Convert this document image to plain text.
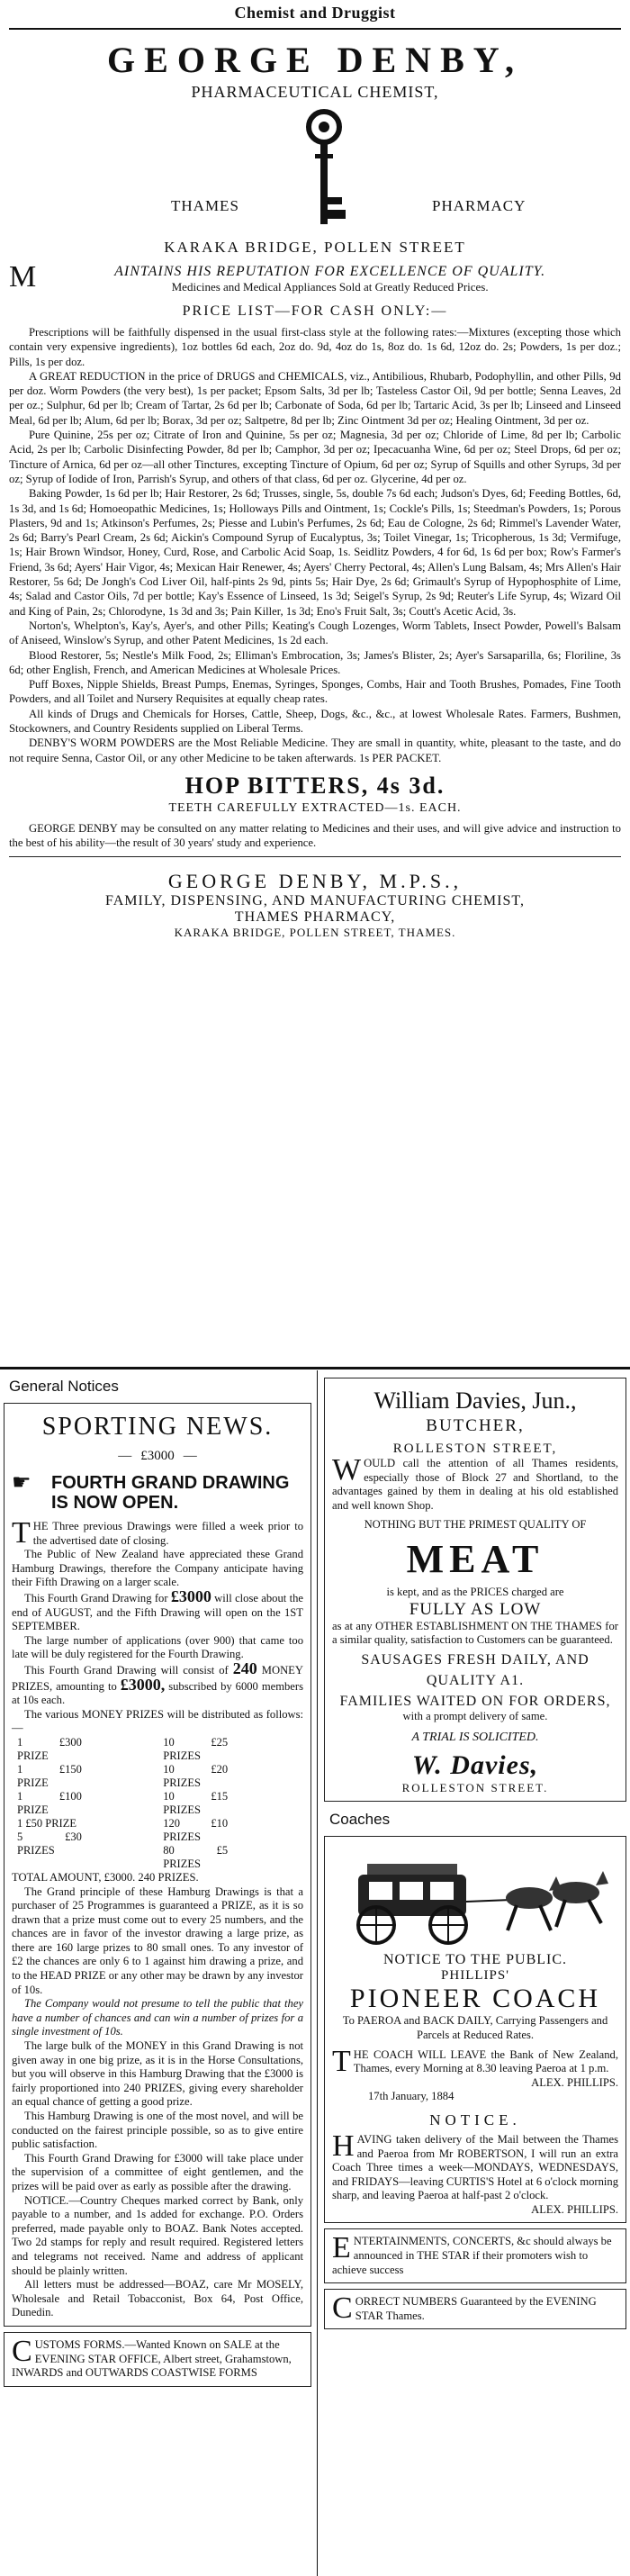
Chemist and Druggist
GEORGE DENBY,
PHARMACEUTICAL CHEMIST,
THAMES	PHARMACY
KARAKA BRIDGE, POLLEN STREET
M	AINTAINS HIS REPUTATION FOR EXCELLENCE OF QUALITY.
Medicines and Medical Appliances Sold at Greatly Reduced Prices.
PRICE LIST—FOR CASH ONLY:—

Prescriptions will be faithfully dispensed in the usual first-class style at the following rates:—Mixtures (excepting those which contain very expensive ingredients), 1oz bottles 6d each, 2oz do. 9d, 4oz do 1s, 8oz do. 1s 6d, 12oz do. 2s; Powders, 1s per doz.; Pills, 1s per doz.

A GREAT REDUCTION in the price of DRUGS and CHEMICALS, viz., Antibilious, Rhubarb, Podophyllin, and other Pills, 9d per doz. Worm Powders (the very best), 1s per packet; Epsom Salts, 3d per lb; Tasteless Castor Oil, 9d per bottle; Senna Leaves, 2d per oz.; Sulphur, 6d per lb; Cream of Tartar, 2s 6d per lb; Carbonate of Soda, 6d per lb; Tartaric Acid, 3s per lb; Linseed and Linseed Meal, 6d per lb; Alum, 6d per lb; Borax, 3d per oz; Saltpetre, 8d per lb; Zinc Ointment 3d per oz; Healing Ointment, 3d per oz.

Pure Quinine, 25s per oz; Citrate of Iron and Quinine, 5s per oz; Magnesia, 3d per oz; Chloride of Lime, 8d per lb; Carbolic Acid, 2s per lb; Carbolic Disinfecting Powder, 8d per lb; Camphor, 3d per oz; Ipecacuanha Wine, 6d per oz; Steel Drops, 6d per oz; Tincture of Arnica, 6d per oz—all other Tinctures, excepting Tincture of Opium, 6d per oz; Syrup of Squills and other Syrups, 3d per oz; Syrup of Iodide of Iron, Parrish's Syrup, and others of that class, 6d per oz. Glycerine, 4d per oz.

Baking Powder, 1s 6d per lb; Hair Restorer, 2s 6d; Trusses, single, 5s, double 7s 6d each; Judson's Dyes, 6d; Feeding Bottles, 6d, 1s 3d, and 1s 6d; Homoeopathic Medicines, 1s; Holloways Pills and Ointment, 1s; Cockle's Pills, 1s; Steedman's Powders, 1s; Porous Plasters, 9d and 1s; Atkinson's Perfumes, 2s; Piesse and Lubin's Perfumes, 2s 6d; Eau de Cologne, 2s 6d; Rimmel's Lavender Water, 2s 6d; Barry's Pearl Cream, 2s 6d; Aickin's Compound Syrup of Eucalyptus, 3s; Toilet Vinegar, 1s; Tricopherous, 1s 3d; Vermifuge, 1s; Hair Brown Windsor, Honey, Curd, Rose, and Carbolic Acid Soap, 1s. Seidlitz Powders, 4 for 6d, 1s 6d per box; Row's Farmer's Friend, 3s 6d; Ayers' Hair Vigor, 4s; Mexican Hair Renewer, 4s; Ayers' Cherry Pectoral, 4s; Allen's Lung Balsam, 4s; Mrs Allen's Hair Restorer, 5s 6d; De Jongh's Cod Liver Oil, half-pints 2s 9d, pints 5s; Hair Dye, 2s 6d; Grimault's Syrup of Hypophosphite of Lime, 4s; Salad and Castor Oils, 7d per bottle; Kay's Essence of Linseed, 1s 3d; Seigel's Syrup, 2s 9d; Reuter's Life Syrup, 4s; Wizard Oil and King of Pain, 2s; Chlorodyne, 1s 3d and 3s; Pain Killer, 1s 3d; Eno's Fruit Salt, 3s; Coutt's Acetic Acid, 3s.

Norton's, Whelpton's, Kay's, Ayer's, and other Pills; Keating's Cough Lozenges, Worm Tablets, Insect Powder, Powell's Balsam of Aniseed, Winslow's Syrup, and other Patent Medicines, 1s 2d each.

Blood Restorer, 5s; Nestle's Milk Food, 2s; Elliman's Embrocation, 3s; James's Blister, 2s; Ayer's Sarsaparilla, 6s; Floriline, 3s 6d; other English, French, and American Medicines at Wholesale Prices.

Puff Boxes, Nipple Shields, Breast Pumps, Enemas, Syringes, Sponges, Combs, Hair and Tooth Brushes, Pomades, Fine Tooth Powders, and all Toilet and Nursery Requisites at equally cheap rates.

All kinds of Drugs and Chemicals for Horses, Cattle, Sheep, Dogs, &c., &c., at lowest Wholesale Rates. Farmers, Bushmen, Stockowners, and Country Residents supplied on Liberal Terms.

DENBY'S WORM POWDERS are the Most Reliable Medicine. They are small in quantity, white, pleasant to the taste, and do not require Senna, Castor Oil, or any other Medicine to be taken afterwards. 1s PER PACKET.

HOP BITTERS, 4s 3d.
TEETH CAREFULLY EXTRACTED—1s. EACH.

GEORGE DENBY may be consulted on any matter relating to Medicines and their uses, and will give advice and instruction to the best of his ability—the result of 30 years' study and experience.

GEORGE DENBY, M.P.S.,
FAMILY, DISPENSING, AND MANUFACTURING CHEMIST,
THAMES PHARMACY,
KARAKA BRIDGE, POLLEN STREET, THAMES.
General Notices
SPORTING NEWS.
— £3000 —
☛ FOURTH GRAND DRAWING IS NOW OPEN.

THE Three previous Drawings were filled a week prior to the advertised date of closing.

The Public of New Zealand have appreciated these Grand Hamburg Drawings, therefore the Company anticipate having their Fifth Drawing on a larger scale.

This Fourth Grand Drawing for £3000 will close about the end of AUGUST, and the Fifth Drawing will open on the 1ST SEPTEMBER.

The large number of applications (over 900) that came too late will be duly registered for the Fourth Drawing.

This Fourth Grand Drawing will consist of 240 MONEY PRIZES, amounting to £3000, subscribed by 6000 members at 10s each.

The various MONEY PRIZES will be distributed as follows:—

1 £300 PRIZE
1 £150 PRIZE
1 £100 PRIZE
1 £50 PRIZE
5 £30 PRIZES
10 £25 PRIZES
10 £20 PRIZES
10 £15 PRIZES
120 £10 PRIZES
80 £5 PRIZES

TOTAL AMOUNT, £3000. 240 PRIZES.

The Grand principle of these Hamburg Drawings is that a purchaser of 25 Programmes is guaranteed a PRIZE, as it is so drawn that a prize must come out to every 25 numbers, and the chances are in favor of the investor drawing a large prize, as there are 160 large prizes to 80 small ones. To any investor of £2 the chances are only 6 to 1 against him drawing a prize, and to the HEAD PRIZE or any other may be drawn by any investor of 10s.

The Company would not presume to tell the public that they have a number of chances and can win a number of prizes for a single investment of 10s.

The large bulk of the MONEY in this Grand Drawing is not given away in one big prize, as it is in the Horse Consultations, but you will observe in this Hamburg Drawing that the £3000 is fairly proportioned into 240 PRIZES, giving every shareholder an equal chance of getting a good prize.

This Hamburg Drawing is one of the most novel, and will be conducted on the fairest principle possible, so as to give entire public satisfaction.

This Fourth Grand Drawing for £3000 will take place under the supervision of a committee of eight gentlemen, and the prizes will be paid over as early as possible after the drawing.

NOTICE.—Country Cheques marked correct by Bank, only payable to a number, and 1s added for exchange. P.O. Orders preferred, made payable only to BOAZ. Bank Notes accepted. Two 2d stamps for reply and result required. Registered letters and telegrams not received. Name and address of applicant should be plainly written.

All letters must be addressed—BOAZ, care Mr MOSELY, Wholesale and Retail Tobacconist, Box 64, Post Office, Dunedin.

CUSTOMS FORMS.—Wanted Known on SALE at the EVENING STAR OFFICE, Albert street, Grahamstown, INWARDS and OUTWARDS COASTWISE FORMS
William Davies, Jun.,
BUTCHER,
ROLLESTON STREET,

WOULD call the attention of all Thames residents, especially those of Block 27 and Shortland, to the advantages gained by them in dealing at his old established and well known Shop.

NOTHING BUT THE PRIMEST QUALITY OF

MEAT
is kept, and as the PRICES charged are
FULLY AS LOW
as at any OTHER ESTABLISHMENT ON THE THAMES for a similar quality, satisfaction to Customers can be guaranteed.
SAUSAGES FRESH DAILY, AND
QUALITY A1.
FAMILIES WAITED ON FOR ORDERS,
with a prompt delivery of same.
A TRIAL IS SOLICITED.
W. Davies,
ROLLESTON STREET.
Coaches
NOTICE TO THE PUBLIC.
PHILLIPS'
PIONEER COACH
To PAEROA and BACK DAILY, Carrying Passengers and Parcels at Reduced Rates.
THE COACH WILL LEAVE the Bank of New Zealand, Thames, every Morning at 8.30 leaving Paeroa at 1 p.m.
ALEX. PHILLIPS.
17th January, 1884
NOTICE.
HAVING taken delivery of the Mail between the Thames and Paeroa from Mr ROBERTSON, I will run an extra Coach Three times a week—MONDAYS, WEDNESDAYS, and FRIDAYS—leaving CURTIS'S Hotel at 6 o'clock morning sharp, and leaving Paeroa at half-past 2 o'clock.
ALEX. PHILLIPS.
ENTERTAINMENTS, CONCERTS, &c should always be announced in THE STAR if their promoters wish to achieve success
CORRECT NUMBERS Guaranteed by the EVENING STAR Thames.
